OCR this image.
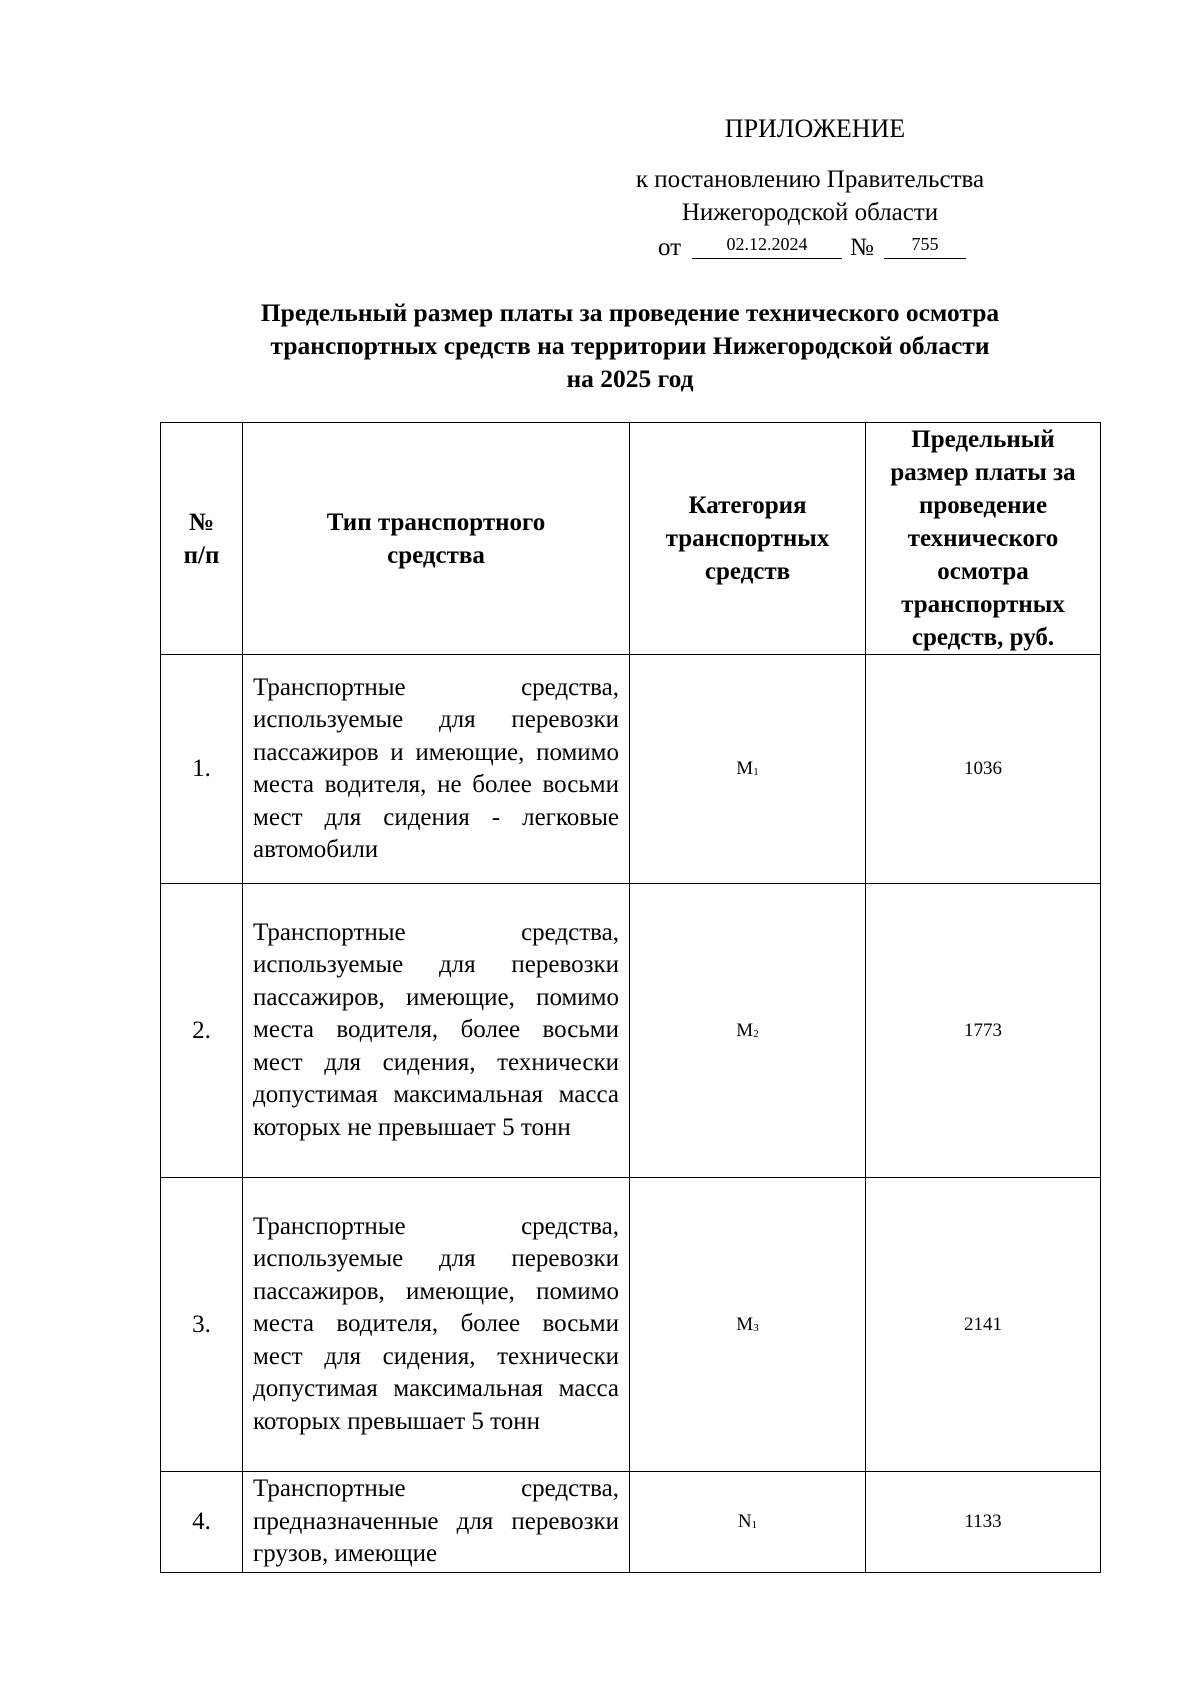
ПРИЛОЖЕНИЕ
к постановлению Правительства
Нижегородской области
от	02.12.2024	№	755
Предельный размер платы за проведение технического осмотра
транспортных средств на территории Нижегородской области
на 2025 год
№ п/п	Тип транспортного средства	Категория транспортных средств	Предельный размер платы за проведение технического осмотра транспортных средств, руб.

1.	Транспортные средства, используемые для перевозки пассажиров и имеющие, помимо места водителя, не более восьми мест для сидения - легковые автомобили	$M_1$	1036
2.	Транспортные средства, используемые для перевозки пассажиров, имеющие, помимо места водителя, более восьми мест для сидения, технически допустимая максимальная масса которых не превышает 5 тонн	$M_2$	1773
3.	Транспортные средства, используемые для перевозки пассажиров, имеющие, помимо места водителя, более восьми мест для сидения, технически допустимая максимальная масса которых превышает 5 тонн	$M_3$	2141
4.	Транспортные средства, предназначенные для перевозки грузов, имеющие	$N_1$	1133
